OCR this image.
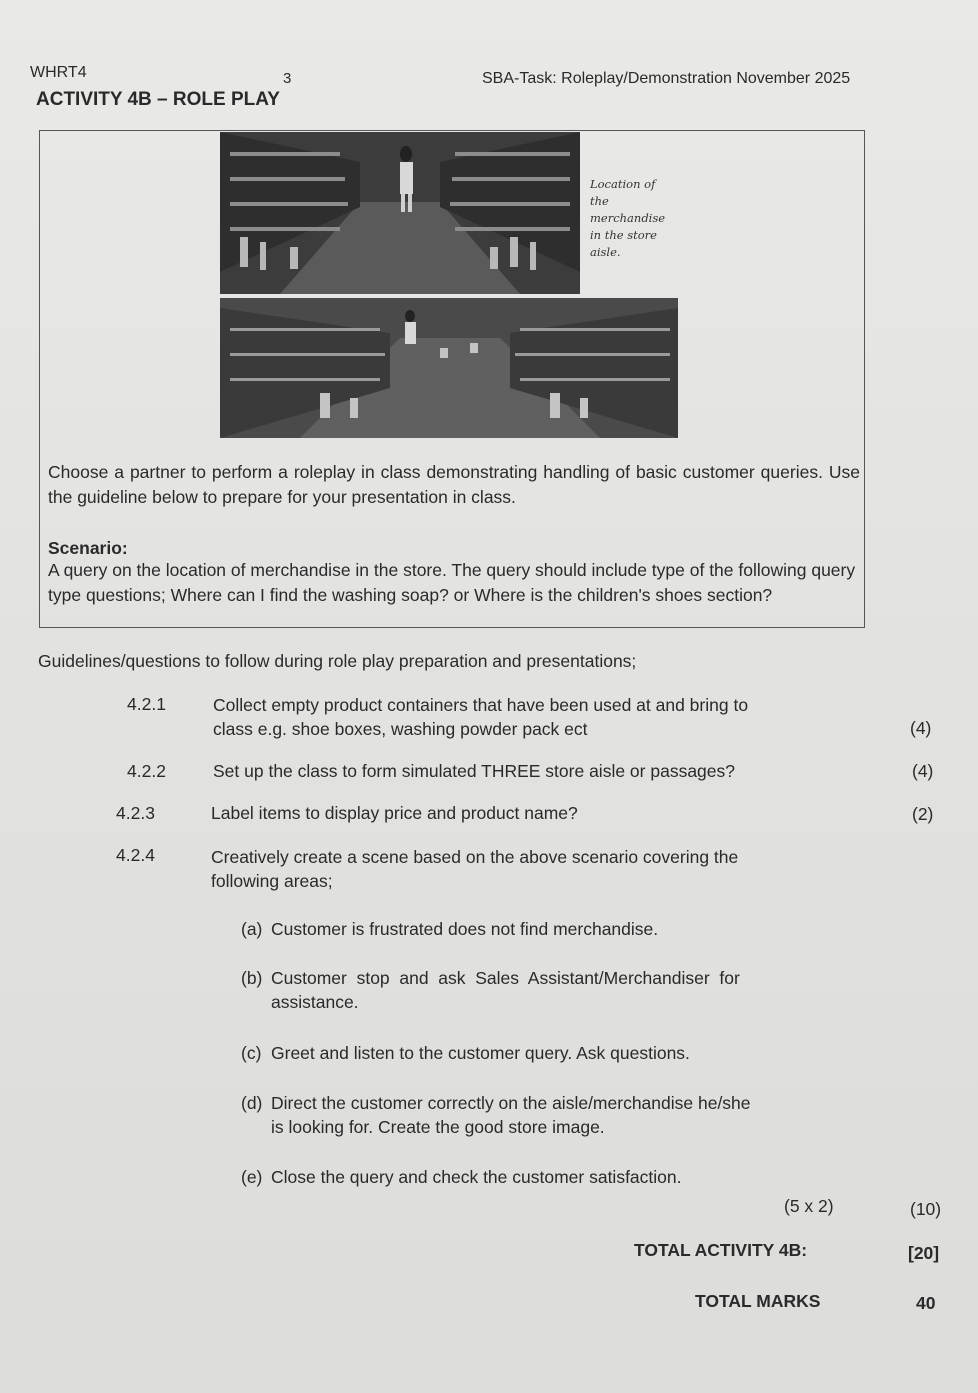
WHRT4	3	SBA-Task: Roleplay/Demonstration November 2025
ACTIVITY 4B – ROLE PLAY
Location of
the
merchandise
in the store
aisle.
Choose a partner to perform a roleplay in class demonstrating handling of basic customer queries. Use the guideline below to prepare for your presentation in class.
Scenario:
A query on the location of merchandise in the store. The query should include type of the following query type questions; Where can I find the washing soap? or Where is the children's shoes section?
Guidelines/questions to follow during role play preparation and presentations;
4.2.1	Collect empty product containers that have been used at and bring to
class e.g. shoe boxes, washing powder pack ect	(4)
4.2.2	Set up the class to form simulated THREE store aisle or passages?	(4)
4.2.3	Label items to display price and product name?	(2)
4.2.4	Creatively create a scene based on the above scenario covering the
following areas;
(a) Customer is frustrated does not find merchandise.
(b) Customer  stop  and  ask  Sales  Assistant/Merchandiser  for
assistance.
(c) Greet and listen to the customer query. Ask questions.
(d) Direct the customer correctly on the aisle/merchandise he/she
is looking for. Create the good store image.
(e) Close the query and check the customer satisfaction.
(5 x 2)	(10)
TOTAL ACTIVITY 4B:	[20]
TOTAL MARKS	40
